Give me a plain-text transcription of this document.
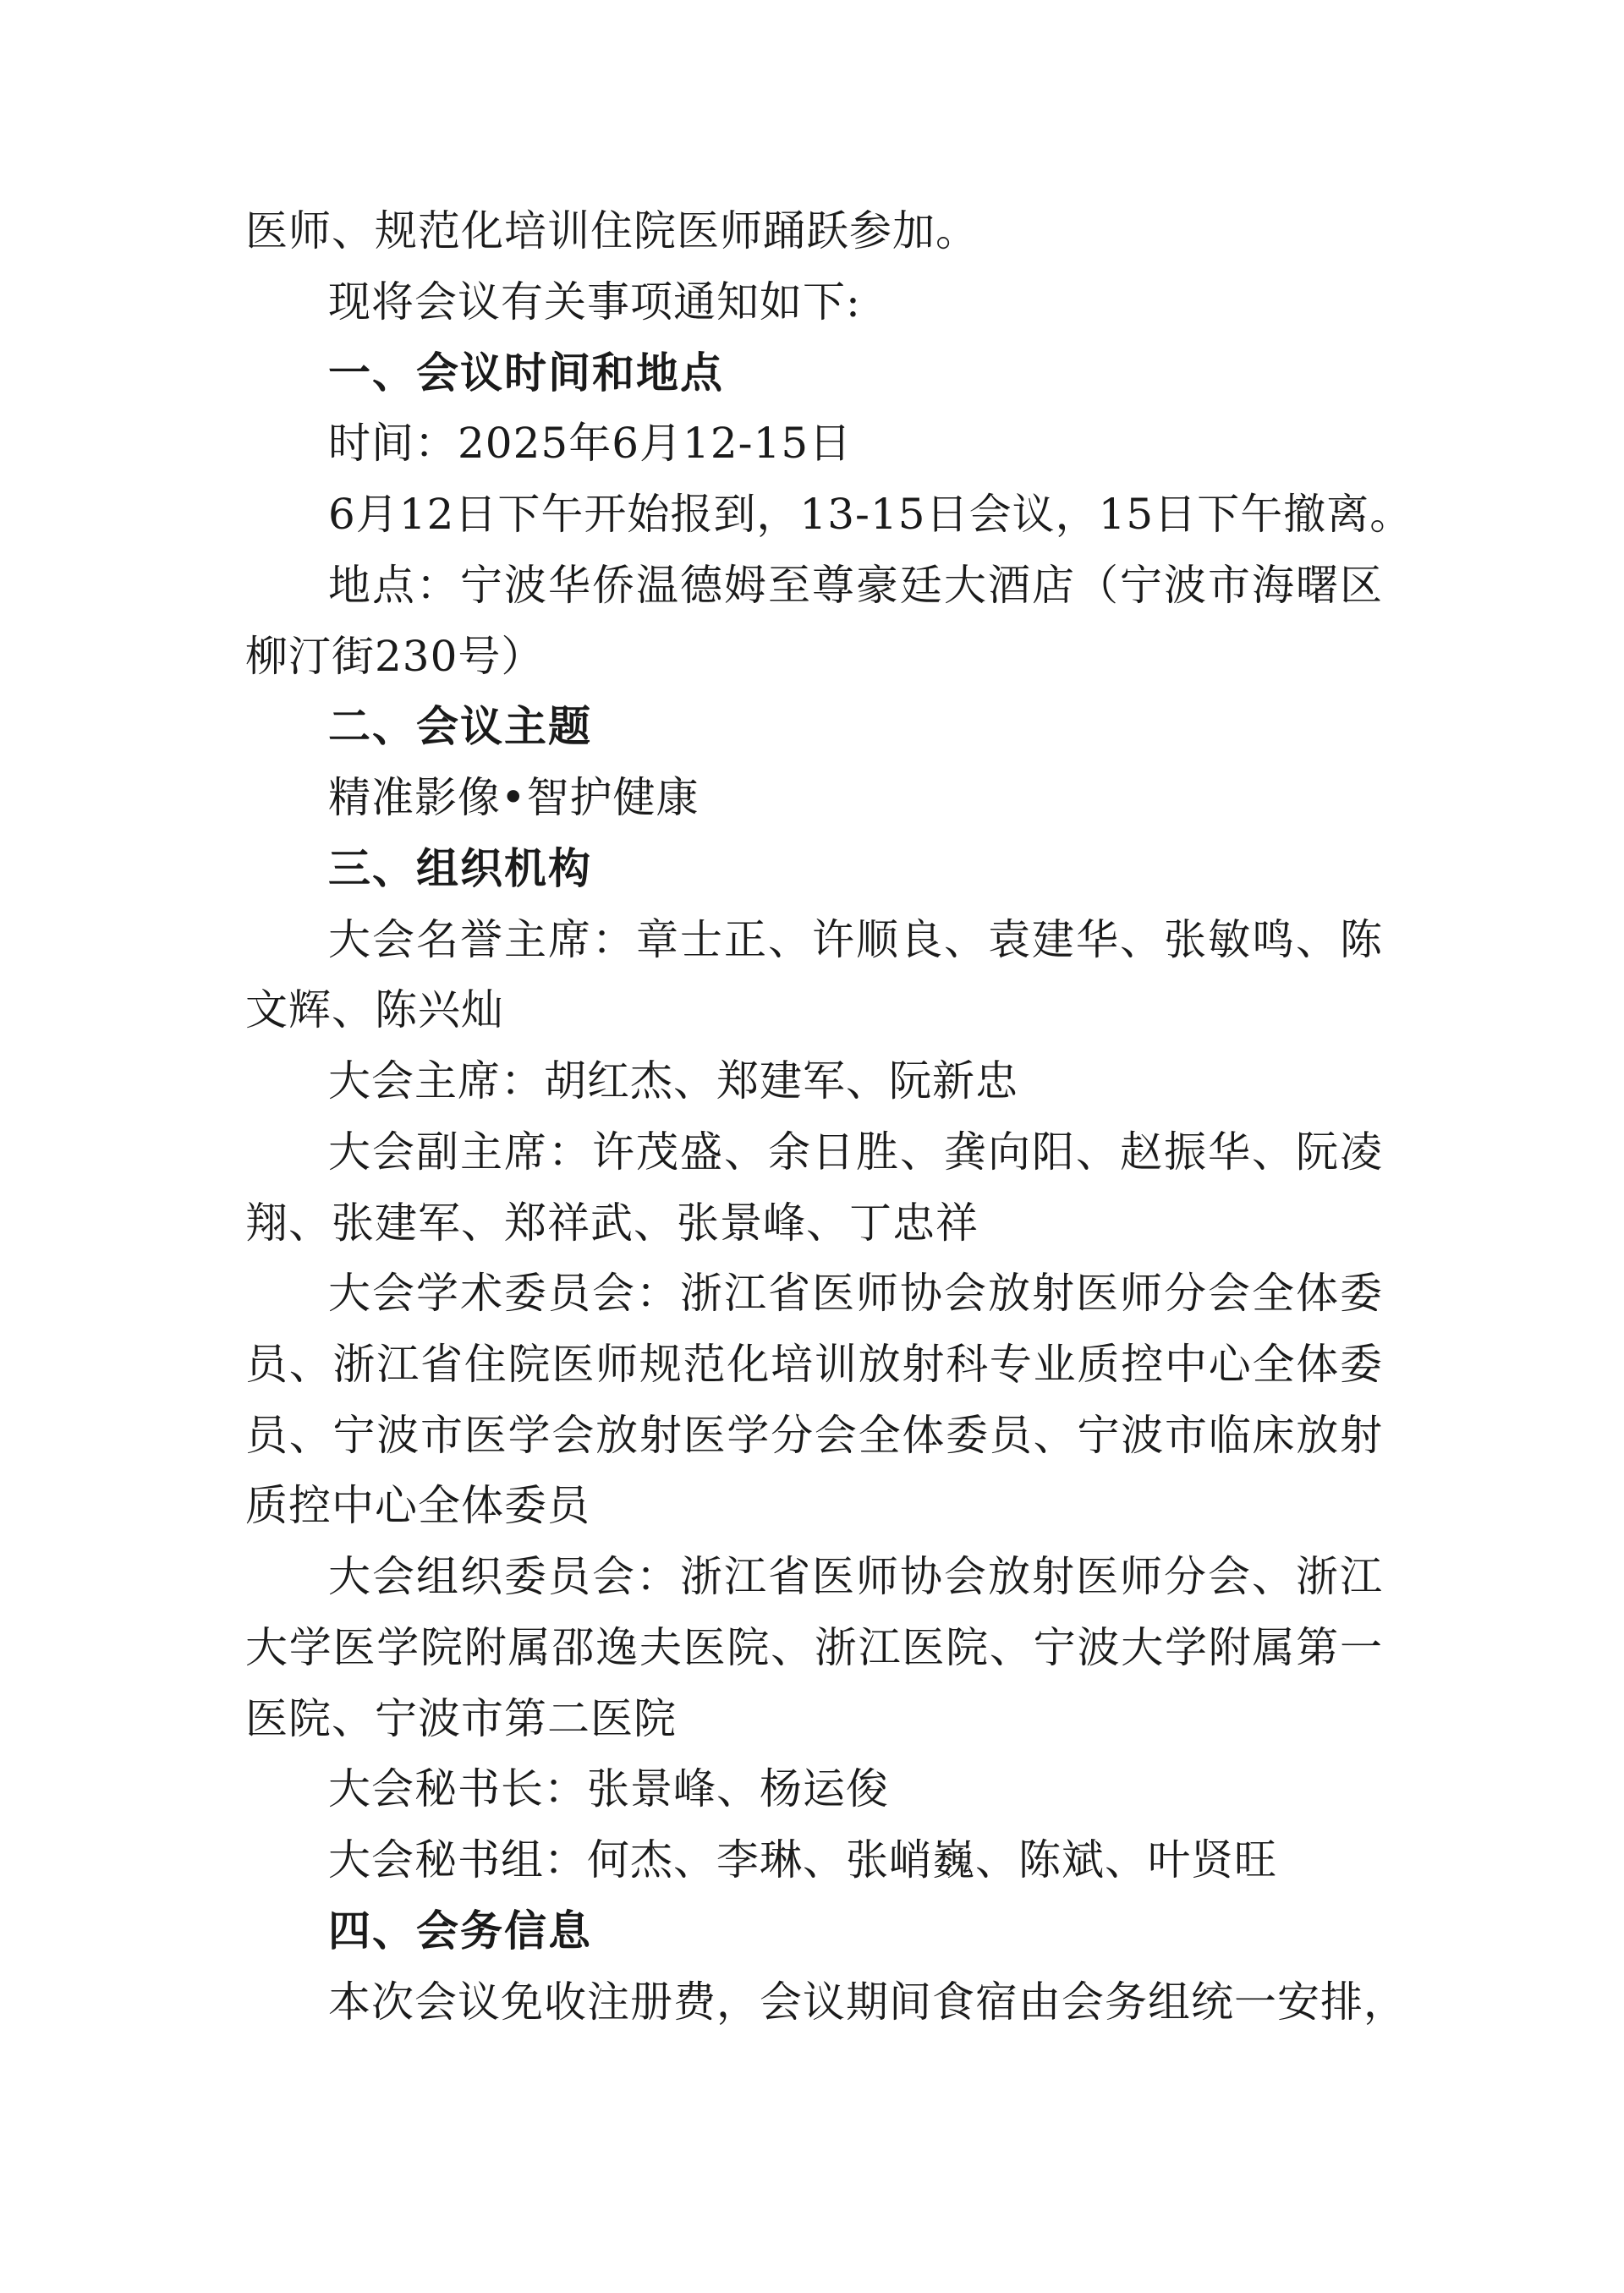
医师、规范化培训住院医师踊跃参加。
现将会议有关事项通知如下:
一、会议时间和地点
时间：2025年6月12-15日
6月12日下午开始报到，13-15日会议，15日下午撤离。
地点：宁波华侨温德姆至尊豪廷大酒店（宁波市海曙区
柳汀街230号）
二、会议主题
精准影像•智护健康
三、组织机构
大会名誉主席：章士正、许顺良、袁建华、张敏鸣、陈
文辉、陈兴灿
大会主席：胡红杰、郑建军、阮新忠
大会副主席：许茂盛、余日胜、龚向阳、赵振华、阮凌
翔、张建军、郑祥武、张景峰、丁忠祥
大会学术委员会：浙江省医师协会放射医师分会全体委
员、浙江省住院医师规范化培训放射科专业质控中心全体委
员、宁波市医学会放射医学分会全体委员、宁波市临床放射
质控中心全体委员
大会组织委员会：浙江省医师协会放射医师分会、浙江
大学医学院附属邵逸夫医院、浙江医院、宁波大学附属第一
医院、宁波市第二医院
大会秘书长：张景峰、杨运俊
大会秘书组：何杰、李琳、张峭巍、陈斌、叶贤旺
四、会务信息
本次会议免收注册费，会议期间食宿由会务组统一安排，
